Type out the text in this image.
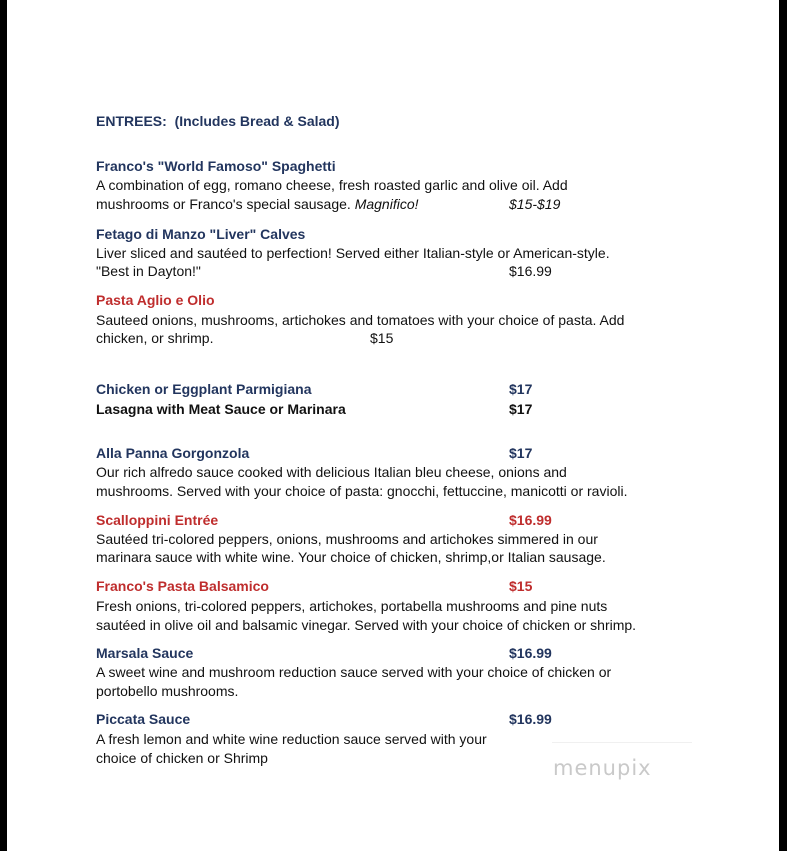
ENTREES: (Includes Bread & Salad)
Franco's "World Famoso" Spaghetti
A combination of egg, romano cheese, fresh roasted garlic and olive oil. Add
mushrooms or Franco's special sausage. Magnifico!	$15-$19
Fetago di Manzo "Liver" Calves
Liver sliced and sautéed to perfection! Served either Italian-style or American-style.
"Best in Dayton!"	$16.99
Pasta Aglio e Olio
Sauteed onions, mushrooms, artichokes and tomatoes with your choice of pasta. Add
chicken, or shrimp.	$15
Chicken or Eggplant Parmigiana	$17
Lasagna with Meat Sauce or Marinara	$17
Alla Panna Gorgonzola	$17
Our rich alfredo sauce cooked with delicious Italian bleu cheese, onions and
mushrooms. Served with your choice of pasta: gnocchi, fettuccine, manicotti or ravioli.
Scalloppini Entrée	$16.99
Sautéed tri-colored peppers, onions, mushrooms and artichokes simmered in our
marinara sauce with white wine. Your choice of chicken, shrimp,or Italian sausage.
Franco's Pasta Balsamico	$15
Fresh onions, tri-colored peppers, artichokes, portabella mushrooms and pine nuts
sautéed in olive oil and balsamic vinegar. Served with your choice of chicken or shrimp.
Marsala Sauce	$16.99
A sweet wine and mushroom reduction sauce served with your choice of chicken or
portobello mushrooms.
Piccata Sauce	$16.99
A fresh lemon and white wine reduction sauce served with your
choice of chicken or Shrimp	menupix
